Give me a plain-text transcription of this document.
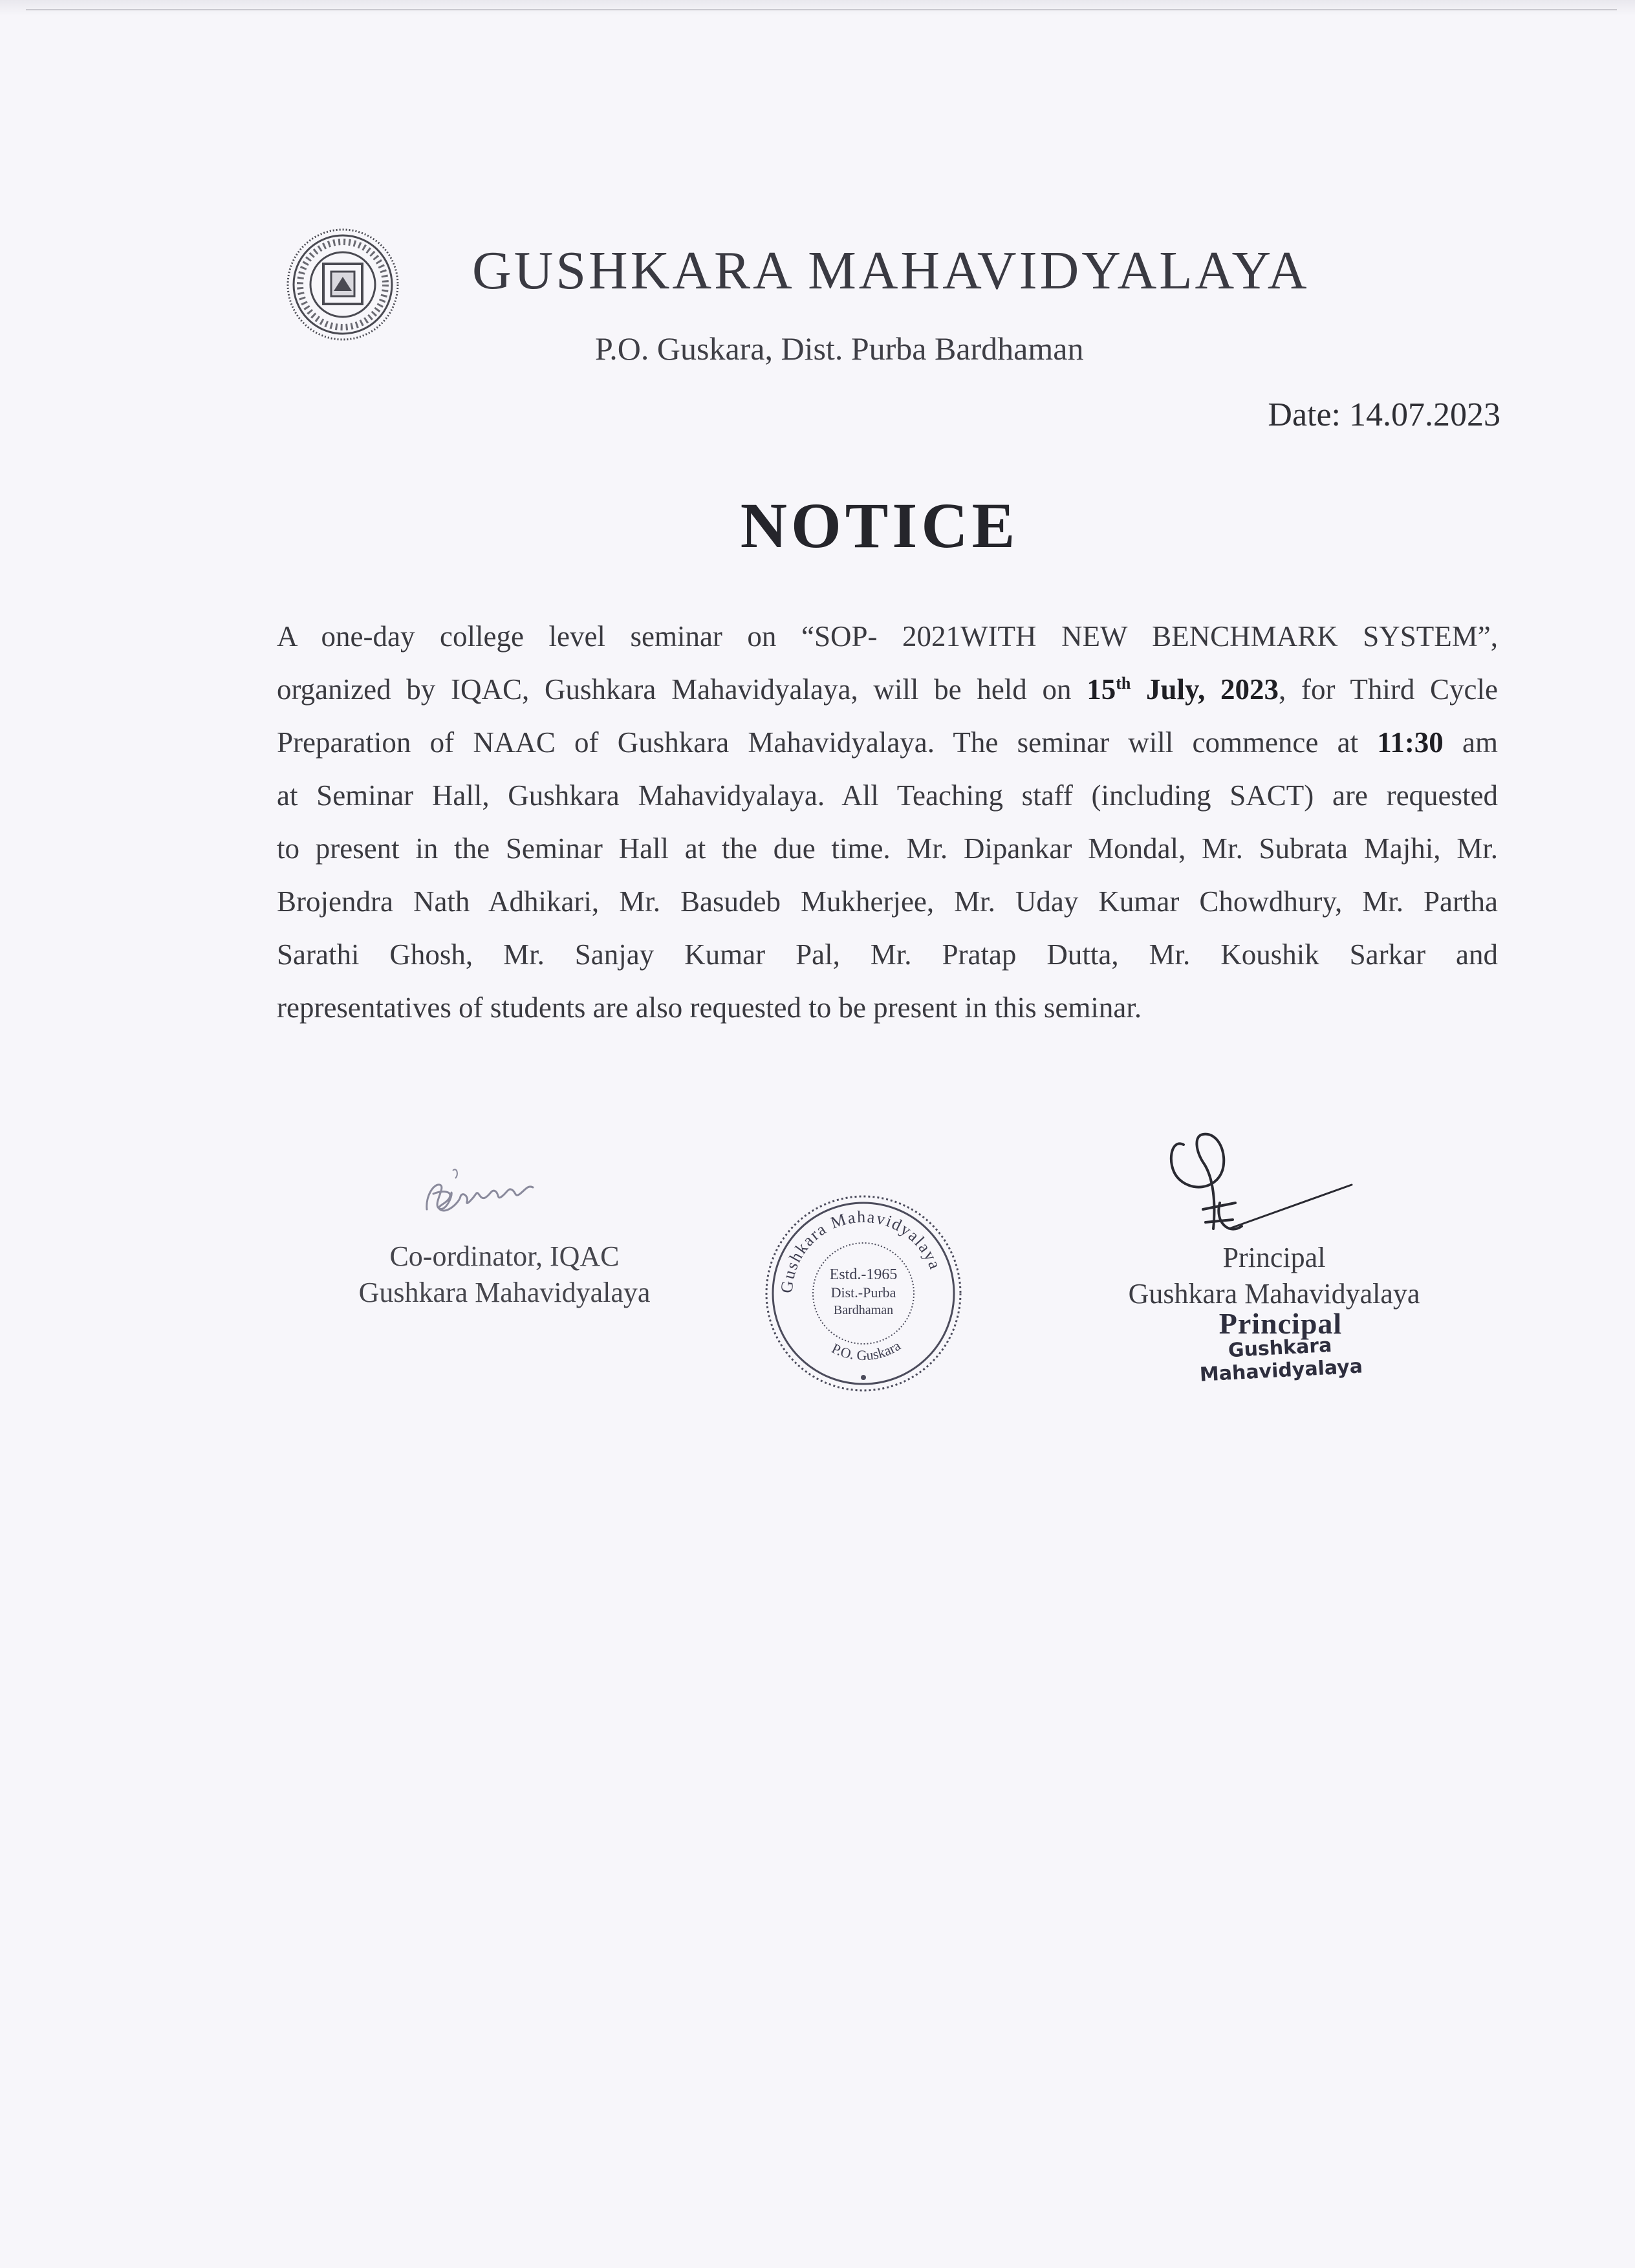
GUSHKARA MAHAVIDYALAYA
P.O. Guskara, Dist. Purba Bardhaman
Date: 14.07.2023
NOTICE

A one-day college level seminar on “SOP- 2021WITH NEW BENCHMARK SYSTEM”,

organized by IQAC, Gushkara Mahavidyalaya, will be held on 15th July, 2023, for Third Cycle

Preparation of NAAC of Gushkara Mahavidyalaya. The seminar will commence at 11:30 am

at Seminar Hall, Gushkara Mahavidyalaya. All Teaching staff (including SACT) are requested

to present in the Seminar Hall at the due time. Mr. Dipankar Mondal, Mr. Subrata Majhi, Mr.

Brojendra Nath Adhikari, Mr. Basudeb Mukherjee, Mr. Uday Kumar Chowdhury, Mr. Partha

Sarathi Ghosh, Mr. Sanjay Kumar Pal, Mr. Pratap Dutta, Mr. Koushik Sarkar and

representatives of students are also requested to be present in this seminar.

Co-ordinator, IQAC
Gushkara Mahavidyalaya	Gushkara Mahavidyalaya
P.O. Guskara
Estd.-1965
Dist.-Purba
Bardhaman
Principal
Gushkara Mahavidyalaya
Principal
Gushkara Mahavidyalaya
